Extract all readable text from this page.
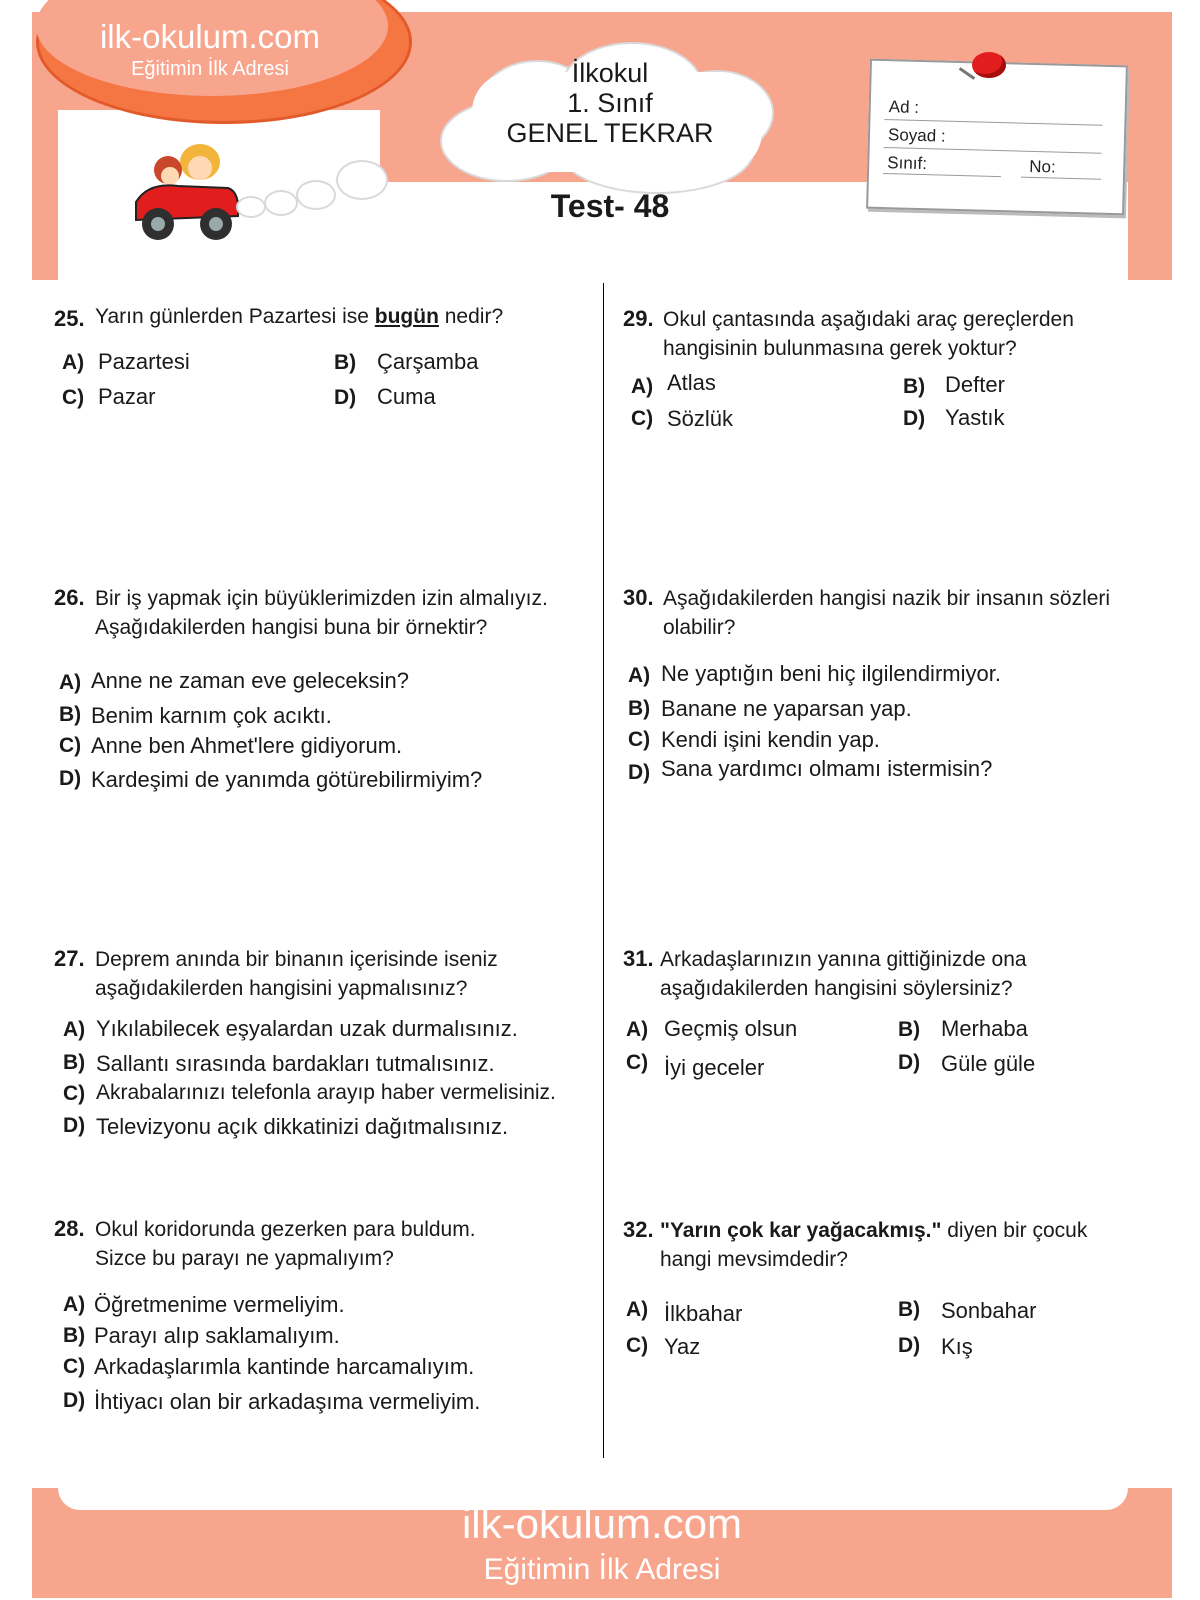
ilk-okulum.com
Eğitimin İlk Adresi	İlkokul
1. Sınıf
GENEL TEKRAR
Test- 48
Ad :
Soyad :
Sınıf:	No:
25. Yarın günlerden Pazartesi ise bugün nedir?
A) Pazartesi	B) Çarşamba
C) Pazar	D) Cuma
26. Bir iş yapmak için büyüklerimizden izin almalıyız.
Aşağıdakilerden hangisi buna bir örnektir?
A) Anne ne zaman eve geleceksin?
B) Benim karnım çok acıktı.
C) Anne ben Ahmet'lere gidiyorum.
D) Kardeşimi de yanımda götürebilirmiyim?
27. Deprem anında bir binanın içerisinde iseniz
aşağıdakilerden hangisini yapmalısınız?
A) Yıkılabilecek eşyalardan uzak durmalısınız.
B) Sallantı sırasında bardakları tutmalısınız.
C) Akrabalarınızı telefonla arayıp haber vermelisiniz.
D) Televizyonu açık dikkatinizi dağıtmalısınız.
28. Okul koridorunda gezerken para buldum.
Sizce bu parayı ne yapmalıyım?
A) Öğretmenime vermeliyim.
B) Parayı alıp saklamalıyım.
C) Arkadaşlarımla kantinde harcamalıyım.
D) İhtiyacı olan bir arkadaşıma vermeliyim.
29. Okul çantasında aşağıdaki araç gereçlerden
hangisinin bulunmasına gerek yoktur?
A) Atlas	B) Defter
C) Sözlük	D) Yastık
30. Aşağıdakilerden hangisi nazik bir insanın sözleri
olabilir?
A) Ne yaptığın beni hiç ilgilendirmiyor.
B) Banane ne yaparsan yap.
C) Kendi işini kendin yap.
D) Sana yardımcı olmamı istermisin?
31. Arkadaşlarınızın yanına gittiğinizde ona
aşağıdakilerden hangisini söylersiniz?
A) Geçmiş olsun	B) Merhaba
C) İyi geceler	D) Güle güle
32. "Yarın çok kar yağacakmış." diyen bir çocuk
hangi mevsimdedir?
A) İlkbahar	B) Sonbahar
C) Yaz	D) Kış
ilk-okulum.com
Eğitimin İlk Adresi
